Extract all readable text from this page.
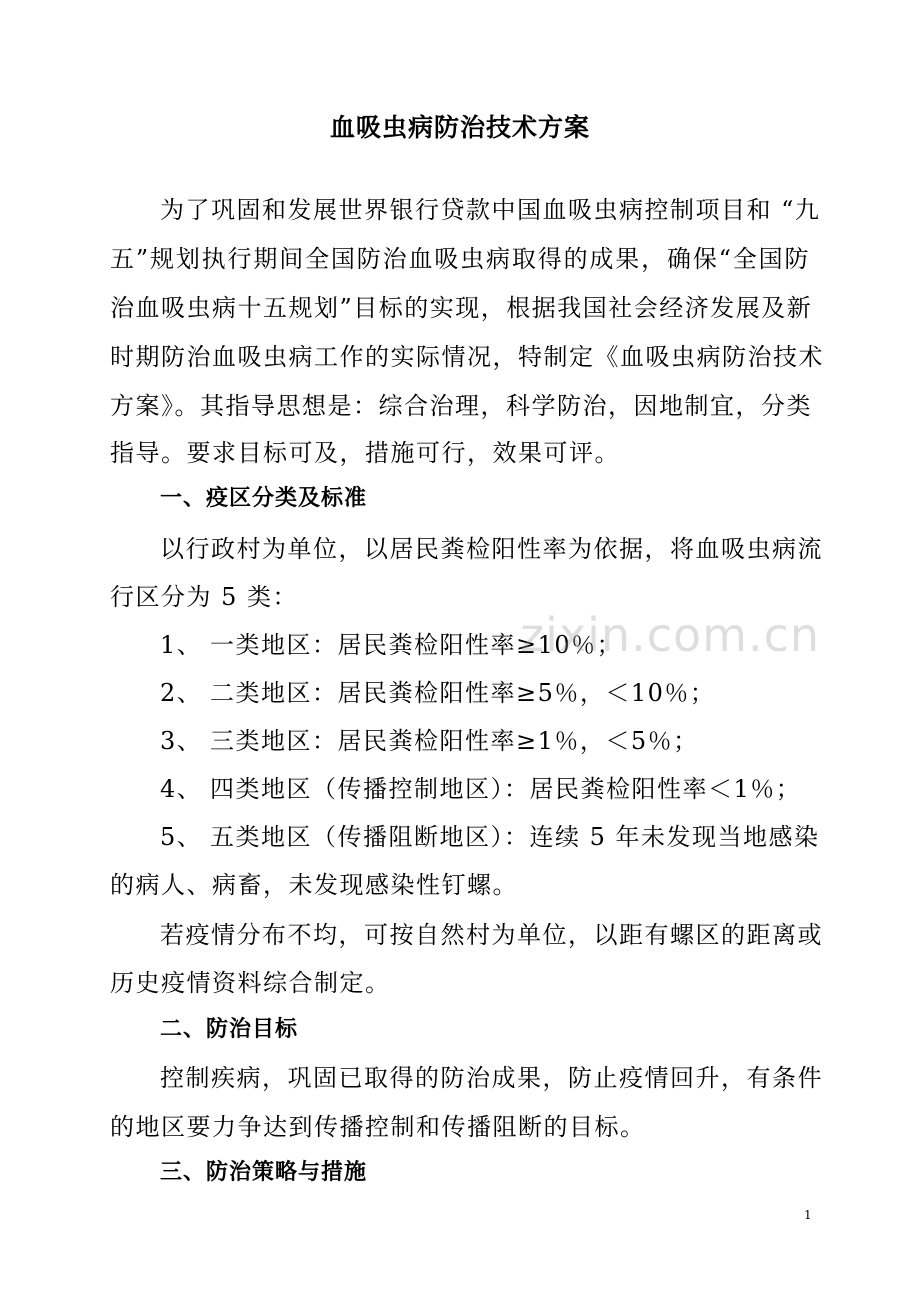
血吸虫病防治技术方案
为了巩固和发展世界银行贷款中国血吸虫病控制项目和 “九
五”规划执行期间全国防治血吸虫病取得的成果，确保“全国防
治血吸虫病十五规划”目标的实现，根据我国社会经济发展及新
时期防治血吸虫病工作的实际情况，特制定《血吸虫病防治技术
方案》。其指导思想是：综合治理，科学防治，因地制宜，分类
指导。要求目标可及，措施可行，效果可评。
一、疫区分类及标准
以行政村为单位，以居民粪检阳性率为依据，将血吸虫病流
行区分为 5 类：
1、 一类地区：居民粪检阳性率≥10％；
2、 二类地区：居民粪检阳性率≥5％，＜10％；
3、 三类地区：居民粪检阳性率≥1％，＜5％；
4、 四类地区（传播控制地区）：居民粪检阳性率＜1％；
5、 五类地区（传播阻断地区）：连续 5 年未发现当地感染
的病人、病畜，未发现感染性钉螺。
若疫情分布不均，可按自然村为单位，以距有螺区的距离或
历史疫情资料综合制定。
二、防治目标
控制疾病，巩固已取得的防治成果，防止疫情回升，有条件
的地区要力争达到传播控制和传播阻断的目标。
三、防治策略与措施
zixin.com.cn
1
